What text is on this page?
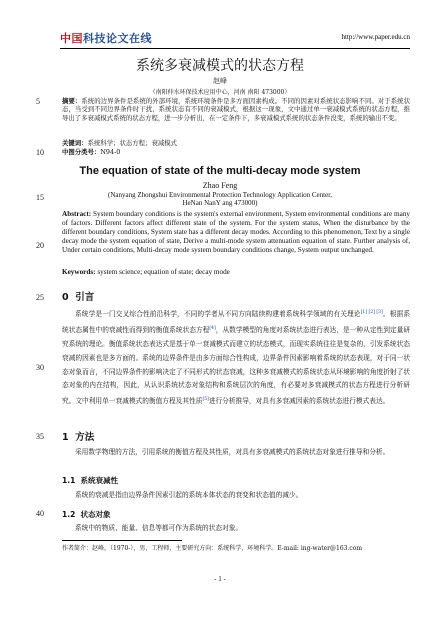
中国科技论文在线	http://www.paper.edu.cn
系统多衰减模式的状态方程
赵峰
（南阳仲水环保技术应用中心，河南 南阳 473000）
5
10
15
20
25
30
35
40
摘要：系统的边界条件是系统的外部环境，系统环境条件是多方面因素构成。不同的因素对系统状态影响不同。对于系统状态，当受到不同边界条件时干扰，系统状态有不同的衰减模式，根据这一现象，文中通过单一衰减模式系统的状态方程，推导出了多衰减模式系统的状态方程，进一步分析出，在一定条件下，多衰减模式系统的状态条件没变，系统的输出不变。
关键词：系统科学；状态方程；衰减模式
中图分类号：N94-0
The equation of state of the multi-decay mode system
Zhao Feng
(Nanyang Zhongshui Environmental Protection Technology Application Center,
HeNan NanY ang 473000)
Abstract: System boundary conditions is the system's external environment, System environmental conditions are many of factors. Different factors affect different state of the system. For the system status, When the disturbance by the different boundary conditions, System state has a different decay modes. According to this phenomenon, Text by a single decay mode the system equation of state, Derive a multi-mode system attenuation equation of state. Further analysis of, Under certain conditions, Multi-decay mode system boundary conditions change, System output unchanged.
Keywords: system science; equation of state; decay mode
0 引言
系统学是一门交叉综合性前沿科学，不同的学者从不同方向陆续构建着系统科学领域的有关理论[1] [2] [3]。根据系统状态属性中的衰减性而得到的衡值系统状态方程[4]，从数学模型的角度对系统状态进行表达，是一种从定性到定量研究系统的理论。衡值系统状态表达式是基于单一衰减模式而建立的状态模式，而现实系统往往是复杂的，引发系统状态衰减的因素也是多方面的。系统的边界条件是由多方面综合性构成，边界条件因素影响着系统的状态表现，对于同一状态对象而言，不同边界条件的影响决定了不同形式的状态衰减，这种多衰减模式的系统状态从环境影响的角度折射了状态对象的内在结构，因此，从认识系统状态对象结构和系统层次的角度，有必要对多衰减模式的状态方程进行分析研究。文中利用单一衰减模式的衡值方程及其性质[5]进行分析推导，对具有多衰减因素的系统状态进行模式表达。
1 方法
采用数学物理的方法，引用系统的衡值方程及其性质，对具有多衰减模式的系统状态对象进行推导和分析。
1.1 系统衰减性
系统的衰减是指由边界条件因素引起的系统本体状态的衰变和状态值的减少。
1.2 状态对象
系统中的物质、能量、信息等都可作为系统的状态对象。
作者简介：赵峰，（1970-），男，工程师，主要研究方向：系统科学，环境科学。E-mail: ing-water@163.com
- 1 -
